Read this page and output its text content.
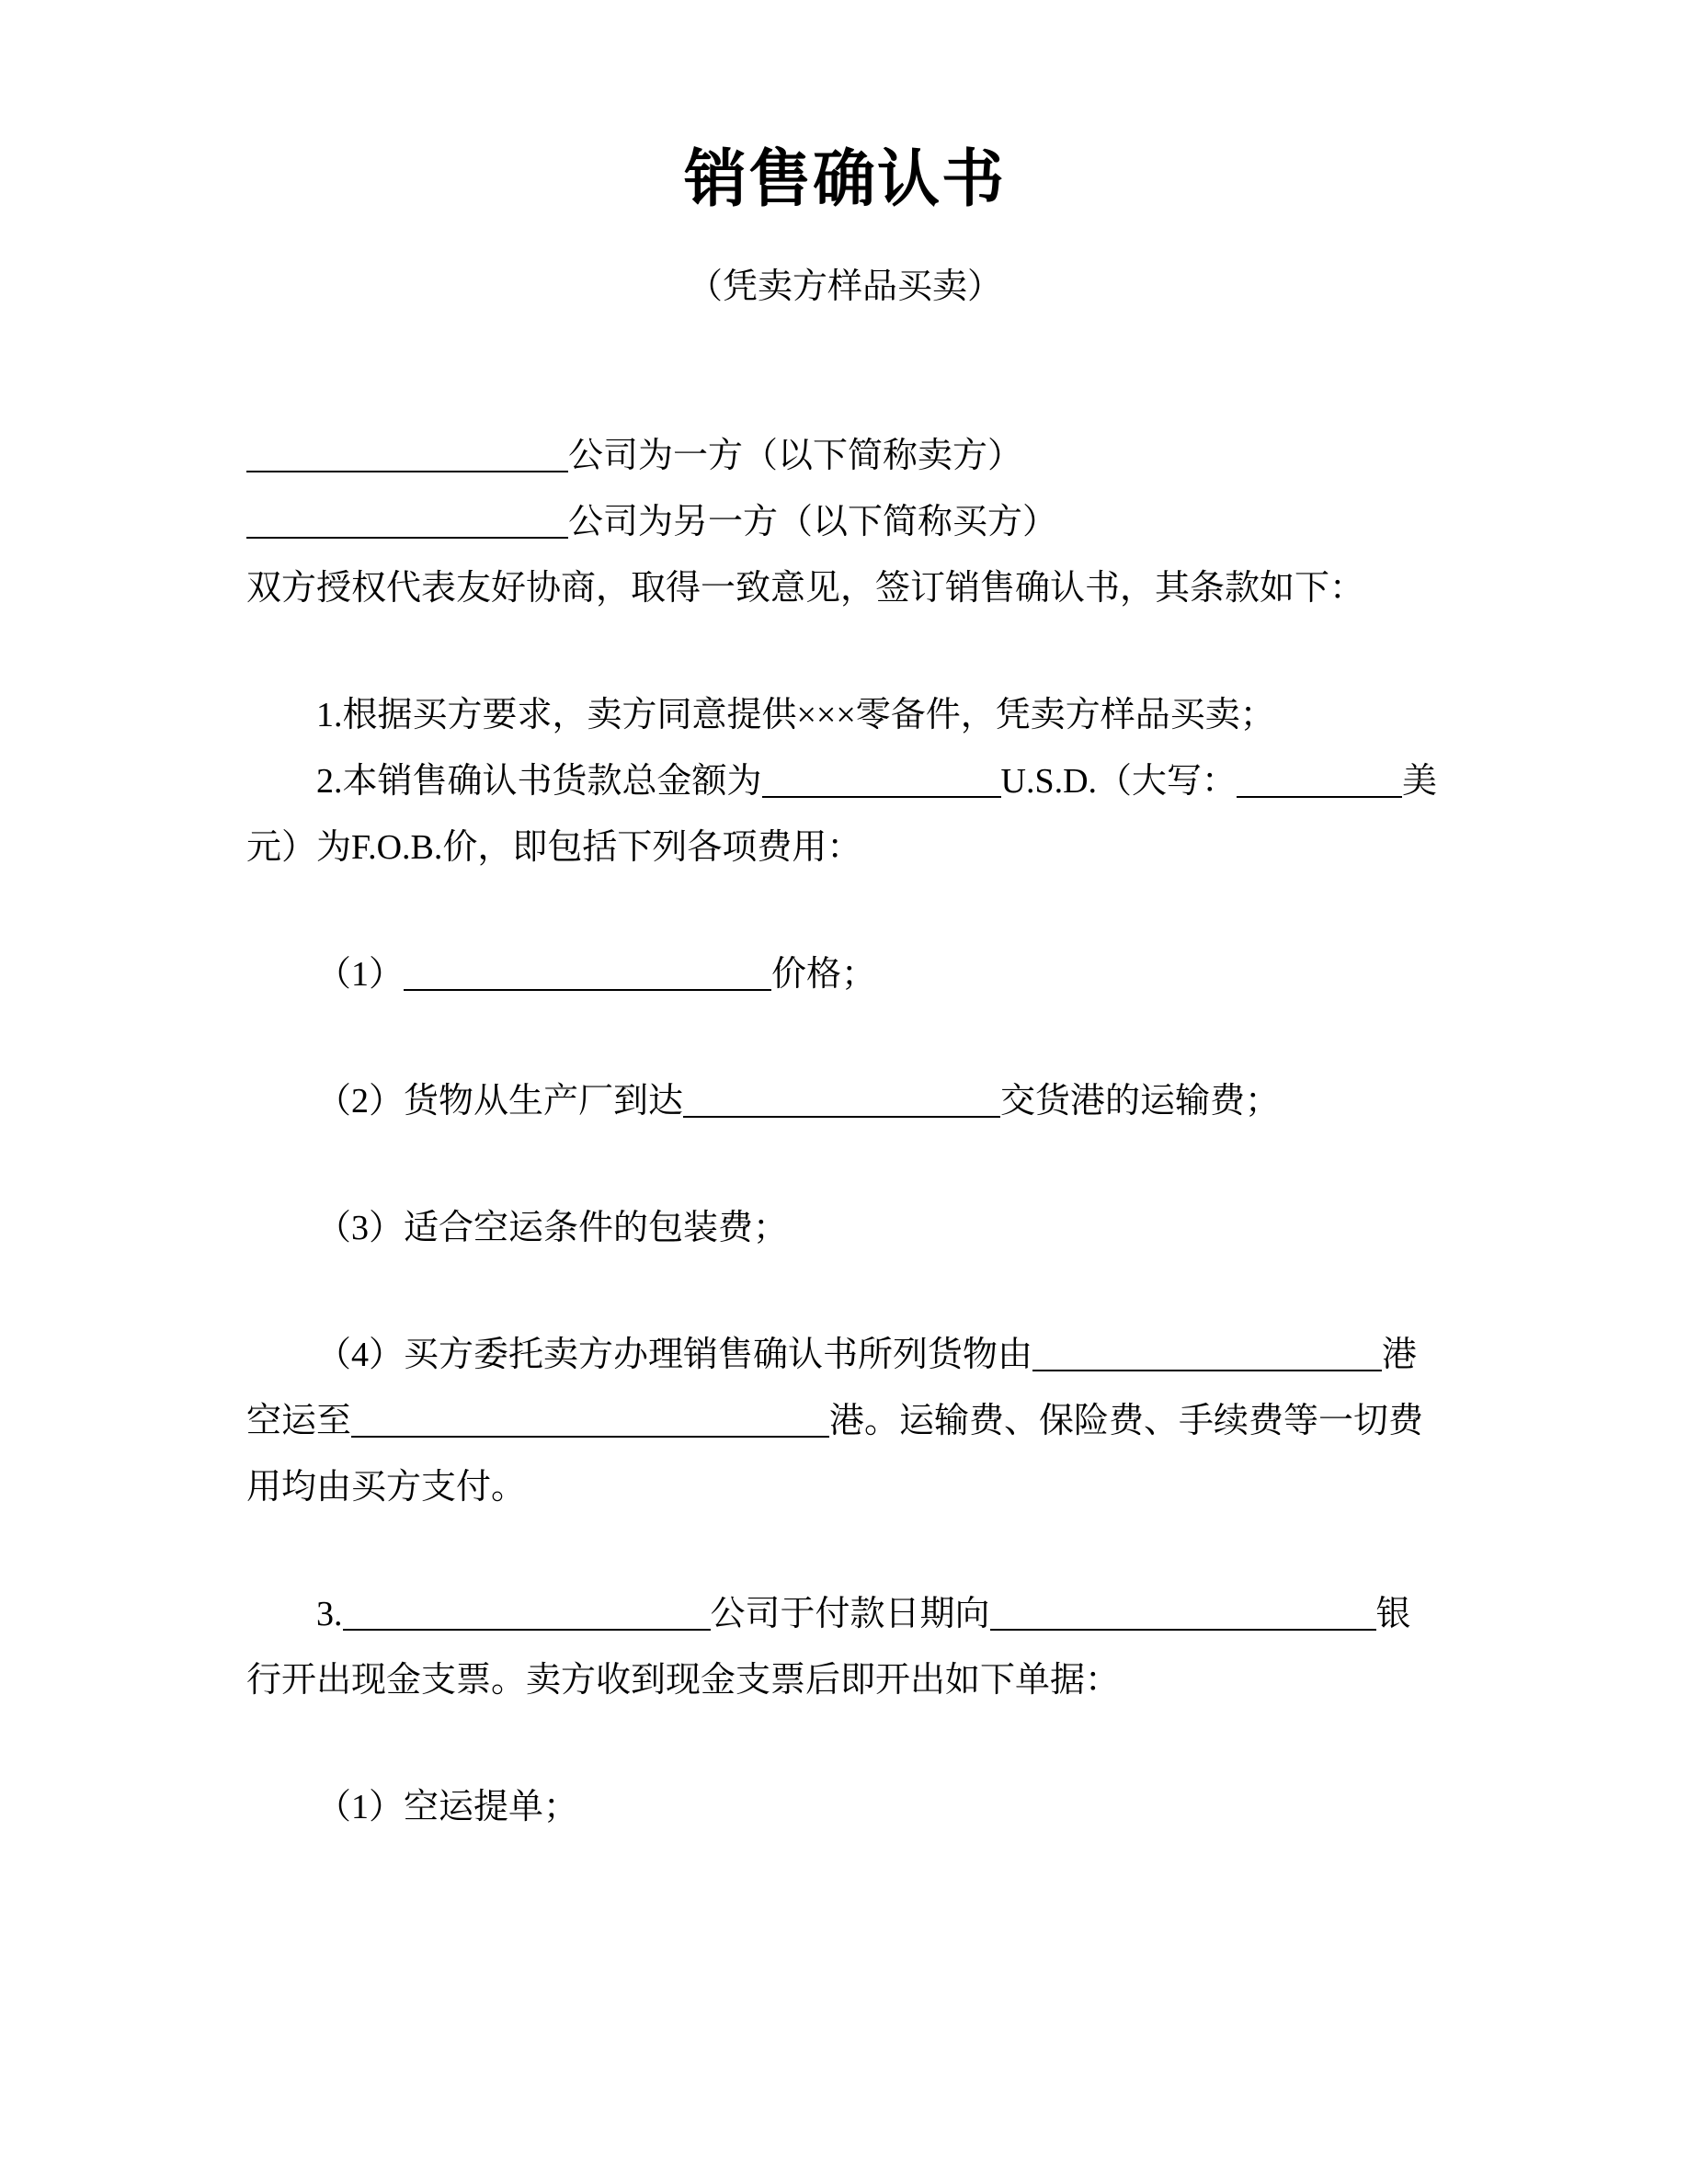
销售确认书
（凭卖方样品买卖）

公司为一方（以下简称卖方）

公司为另一方（以下简称买方）

双方授权代表友好协商，取得一致意见，签订销售确认书，其条款如下：

1.根据买方要求，卖方同意提供×××零备件，凭卖方样品买卖；

2.本销售确认书货款总金额为	U.S.D.（大写：	美元）为F.O.B.价，即包括下列各项费用：

（1）	价格；

（2）货物从生产厂到达	交货港的运输费；

（3）适合空运条件的包装费；

（4）买方委托卖方办理销售确认书所列货物由	港空运至	港。运输费、保险费、手续费等一切费用均由买方支付。

3.	公司于付款日期向	银行开出现金支票。卖方收到现金支票后即开出如下单据：

（1）空运提单；
